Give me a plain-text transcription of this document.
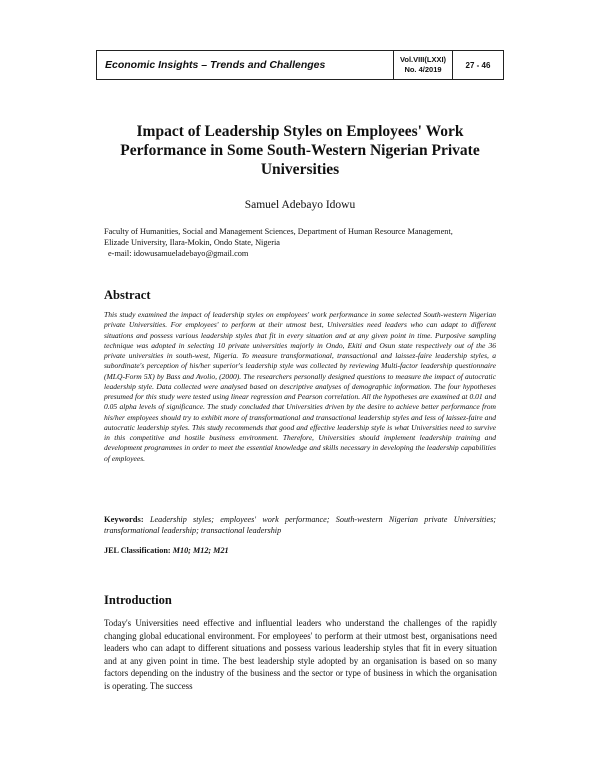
Economic Insights – Trends and Challenges	Vol.VIII(LXXI)
No. 4/2019	27 - 46
Impact of Leadership Styles on Employees' Work
Performance in Some South-Western Nigerian Private
Universities
Samuel Adebayo Idowu
Faculty of Humanities, Social and Management Sciences, Department of Human Resource Management,
Elizade University, Ilara-Mokin, Ondo State, Nigeria
e-mail: idowusamueladebayo@gmail.com
Abstract

This study examined the impact of leadership styles on employees' work performance in some selected South-western Nigerian private Universities. For employees' to perform at their utmost best, Universities need leaders who can adapt to different situations and possess various leadership styles that fit in every situation and at any given point in time. Purposive sampling technique was adopted in selecting 10 private universities majorly in Ondo, Ekiti and Osun state respectively out of the 36 private universities in south-west, Nigeria. To measure transformational, transactional and laissez-faire leadership styles, a subordinate's perception of his/her superior's leadership style was collected by reviewing Multi-factor leadership questionnaire (MLQ-Form 5X) by Bass and Avolio, (2000). The researchers personally designed questions to measure the impact of autocratic leadership style. Data collected were analysed based on descriptive analyses of demographic information. The four hypotheses presumed for this study were tested using linear regression and Pearson correlation. All the hypotheses are examined at 0.01 and 0.05 alpha levels of significance. The study concluded that Universities driven by the desire to achieve better performance from his/her employees should try to exhibit more of transformational and transactional leadership styles and less of laissez-faire and autocratic leadership styles. This study recommends that good and effective leadership style is what Universities need to survive in this competitive and hostile business environment. Therefore, Universities should implement leadership training and development programmes in order to meet the essential knowledge and skills necessary in developing the leadership capabilities of employees.

Keywords: Leadership styles; employees' work performance; South-western Nigerian private Universities; transformational leadership; transactional leadership

JEL Classification: M10; M12; M21

Introduction

Today's Universities need effective and influential leaders who understand the challenges of the rapidly changing global educational environment. For employees' to perform at their utmost best, organisations need leaders who can adapt to different situations and possess various leadership styles that fit in every situation and at any given point in time. The best leadership style adopted by an organisation is based on so many factors depending on the industry of the business and the sector or type of business in which the organisation is operating. The success
